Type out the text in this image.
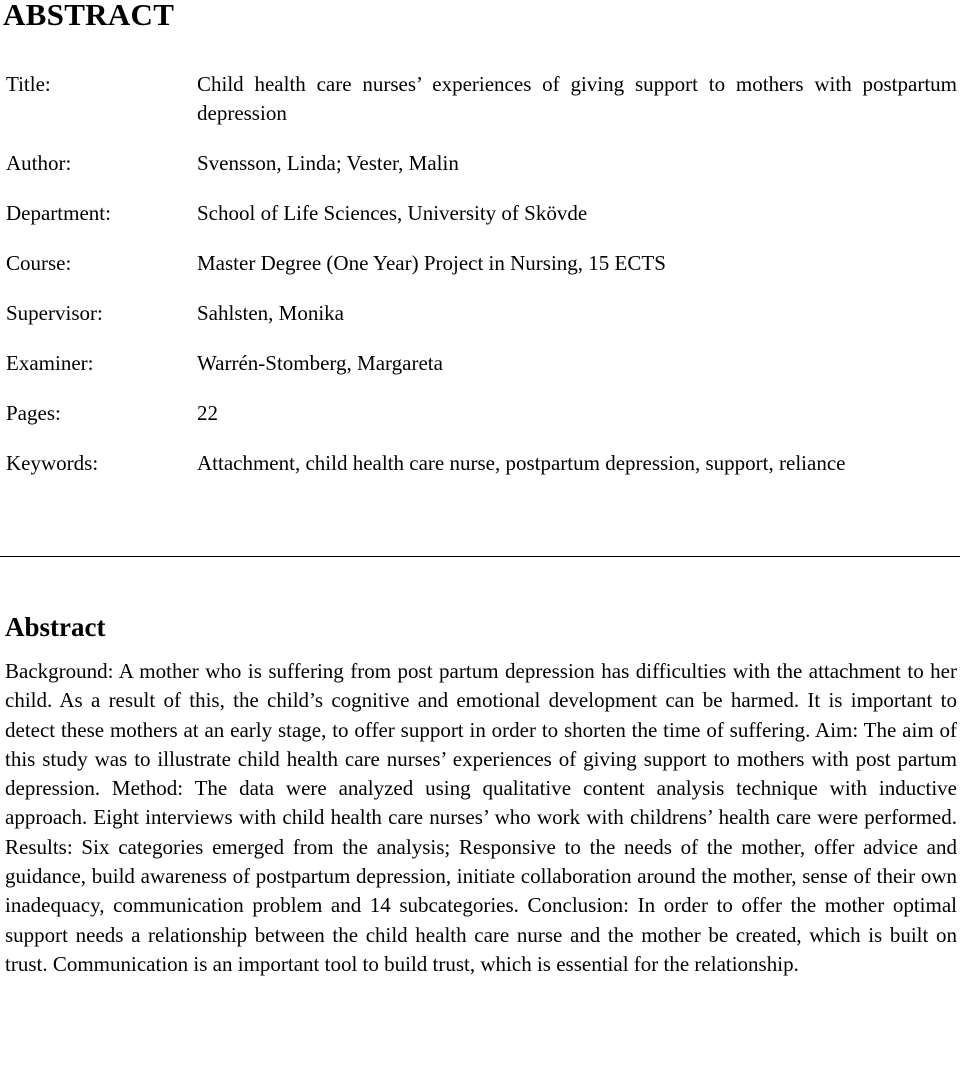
ABSTRACT
Title:	Child health care nurses’ experiences of giving support to mothers with postpartum depression
Author:	Svensson, Linda; Vester, Malin
Department:	School of Life Sciences, University of Skövde
Course:	Master Degree (One Year) Project in Nursing, 15 ECTS
Supervisor:	Sahlsten, Monika
Examiner:	Warrén-Stomberg, Margareta
Pages:	22
Keywords:	Attachment, child health care nurse, postpartum depression, support, reliance
Abstract

Background: A mother who is suffering from post partum depression has difficulties with the attachment to her child. As a result of this, the child’s cognitive and emotional development can be harmed. It is important to detect these mothers at an early stage, to offer support in order to shorten the time of suffering. Aim: The aim of this study was to illustrate child health care nurses’ experiences of giving support to mothers with post partum depression. Method: The data were analyzed using qualitative content analysis technique with inductive approach. Eight interviews with child health care nurses’ who work with childrens’ health care were performed. Results: Six categories emerged from the analysis; Responsive to the needs of the mother, offer advice and guidance, build awareness of postpartum depression, initiate collaboration around the mother, sense of their own inadequacy, communication problem and 14 subcategories. Conclusion: In order to offer the mother optimal support needs a relationship between the child health care nurse and the mother be created, which is built on trust. Communication is an important tool to build trust, which is essential for the relationship.
